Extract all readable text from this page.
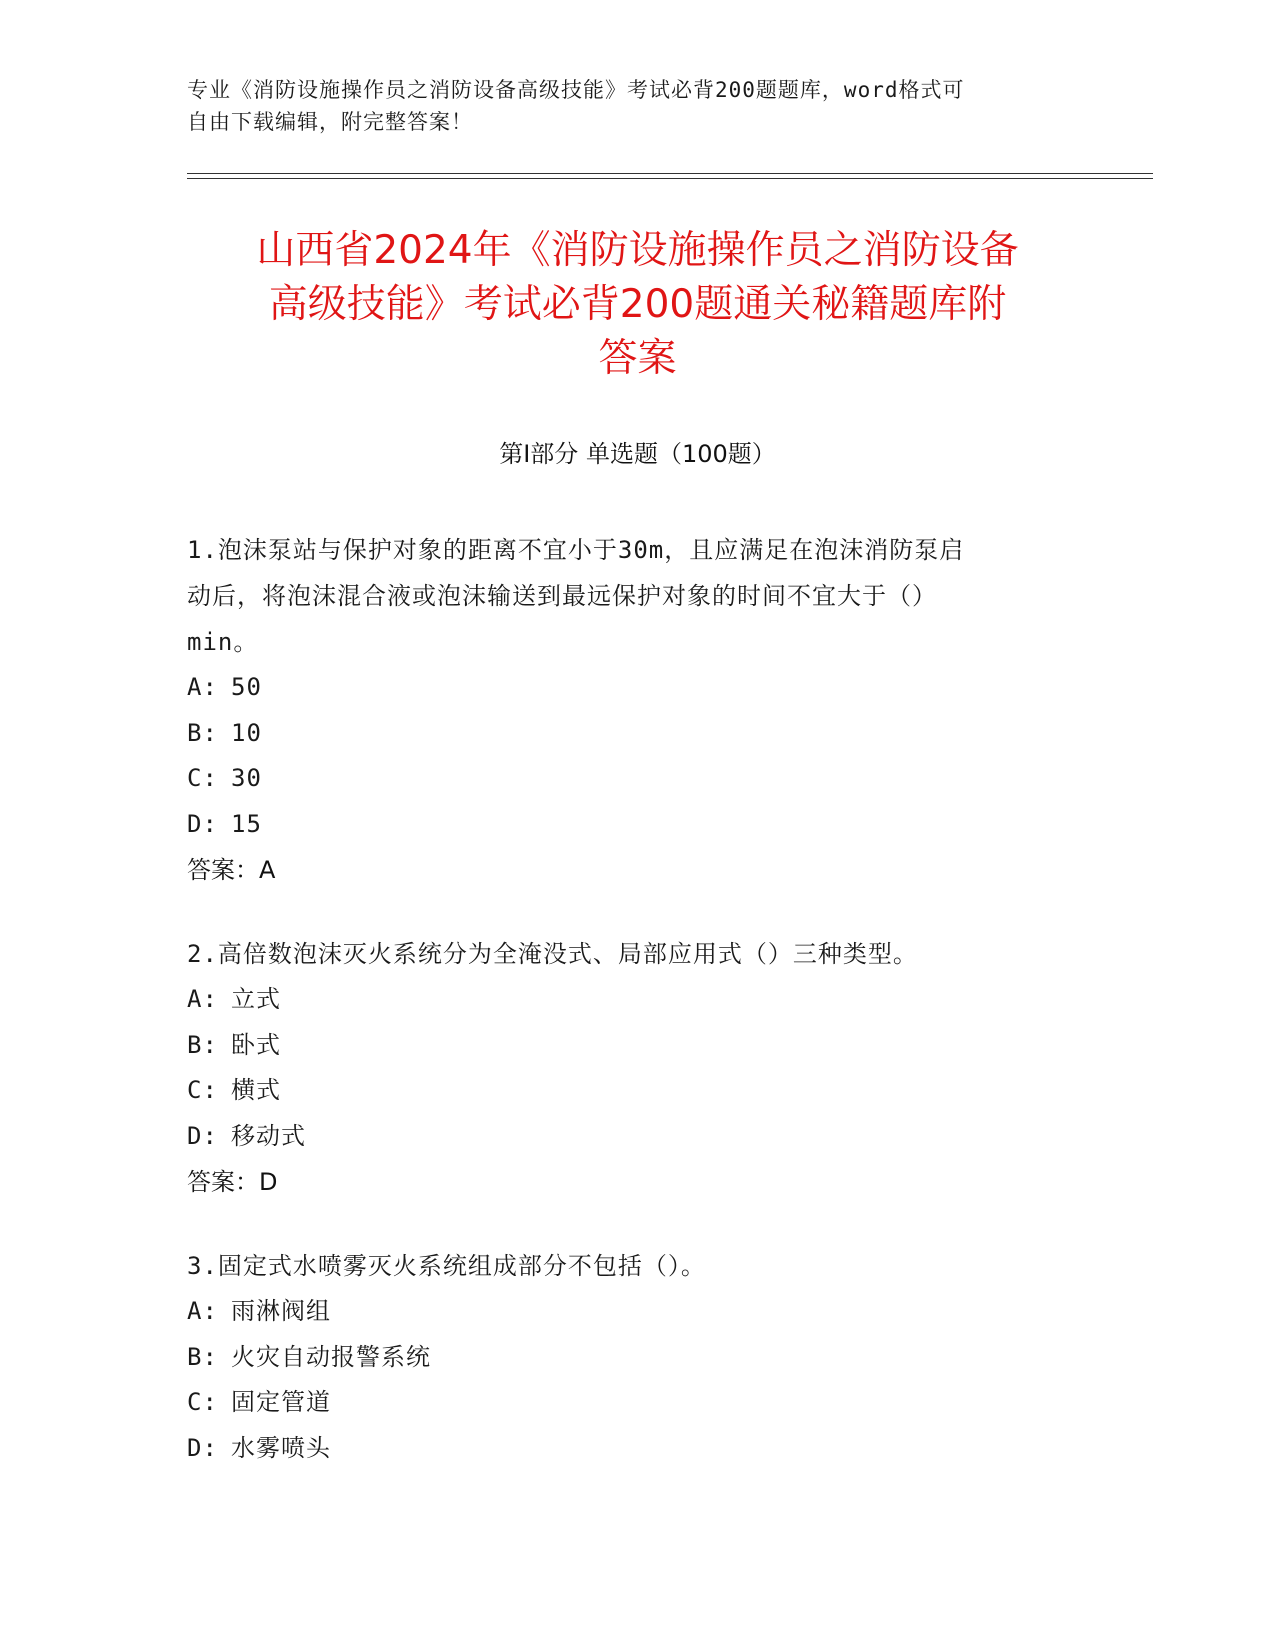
专业《消防设施操作员之消防设备高级技能》考试必背200题题库，word格式可
自由下载编辑，附完整答案！
山西省2024年《消防设施操作员之消防设备
高级技能》考试必背200题通关秘籍题库附
答案
第Ⅰ部分 单选题（100题）
1.泡沫泵站与保护对象的距离不宜小于30m，且应满足在泡沫消防泵启
动后，将泡沫混合液或泡沫输送到最远保护对象的时间不宜大于（）
min。
A: 50
B: 10
C: 30
D: 15
答案：A
2.高倍数泡沫灭火系统分为全淹没式、局部应用式（）三种类型。
A: 立式
B: 卧式
C: 横式
D: 移动式
答案：D
3.固定式水喷雾灭火系统组成部分不包括（）。
A: 雨淋阀组
B: 火灾自动报警系统
C: 固定管道
D: 水雾喷头
